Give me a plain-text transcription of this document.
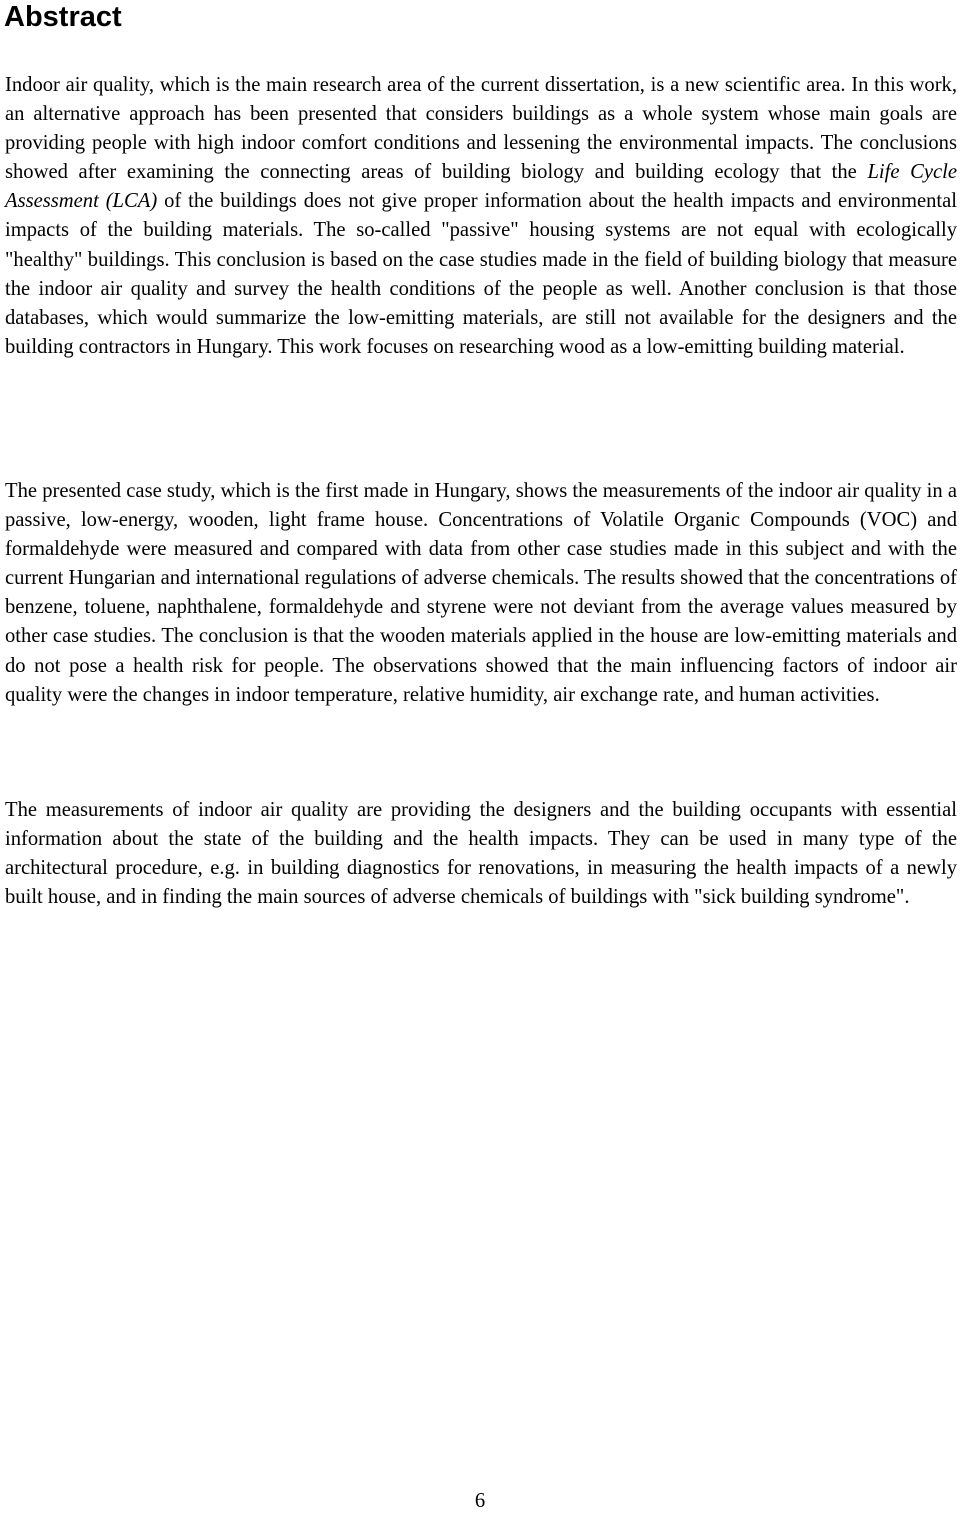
Abstract

Indoor air quality, which is the main research area of the current dissertation, is a new scientific area. In this work, an alternative approach has been presented that considers buildings as a whole system whose main goals are providing people with high indoor comfort conditions and lessening the environmental impacts. The conclusions showed after examining the connecting areas of building biology and building ecology that the Life Cycle Assessment (LCA) of the buildings does not give proper information about the health impacts and environmental impacts of the building materials. The so-called "passive" housing systems are not equal with ecologically "healthy" buildings. This conclusion is based on the case studies made in the field of building biology that measure the indoor air quality and survey the health conditions of the people as well. Another conclusion is that those databases, which would summarize the low-emitting materials, are still not available for the designers and the building contractors in Hungary. This work focuses on researching wood as a low-emitting building material.

The presented case study, which is the first made in Hungary, shows the measurements of the indoor air quality in a passive, low-energy, wooden, light frame house. Concentrations of Volatile Organic Compounds (VOC) and formaldehyde were measured and compared with data from other case studies made in this subject and with the current Hungarian and international regulations of adverse chemicals. The results showed that the concentrations of benzene, toluene, naphthalene, formaldehyde and styrene were not deviant from the average values measured by other case studies. The conclusion is that the wooden materials applied in the house are low-emitting materials and do not pose a health risk for people. The observations showed that the main influencing factors of indoor air quality were the changes in indoor temperature, relative humidity, air exchange rate, and human activities.

The measurements of indoor air quality are providing the designers and the building occupants with essential information about the state of the building and the health impacts. They can be used in many type of the architectural procedure, e.g. in building diagnostics for renovations, in measuring the health impacts of a newly built house, and in finding the main sources of adverse chemicals of buildings with "sick building syndrome".

6
